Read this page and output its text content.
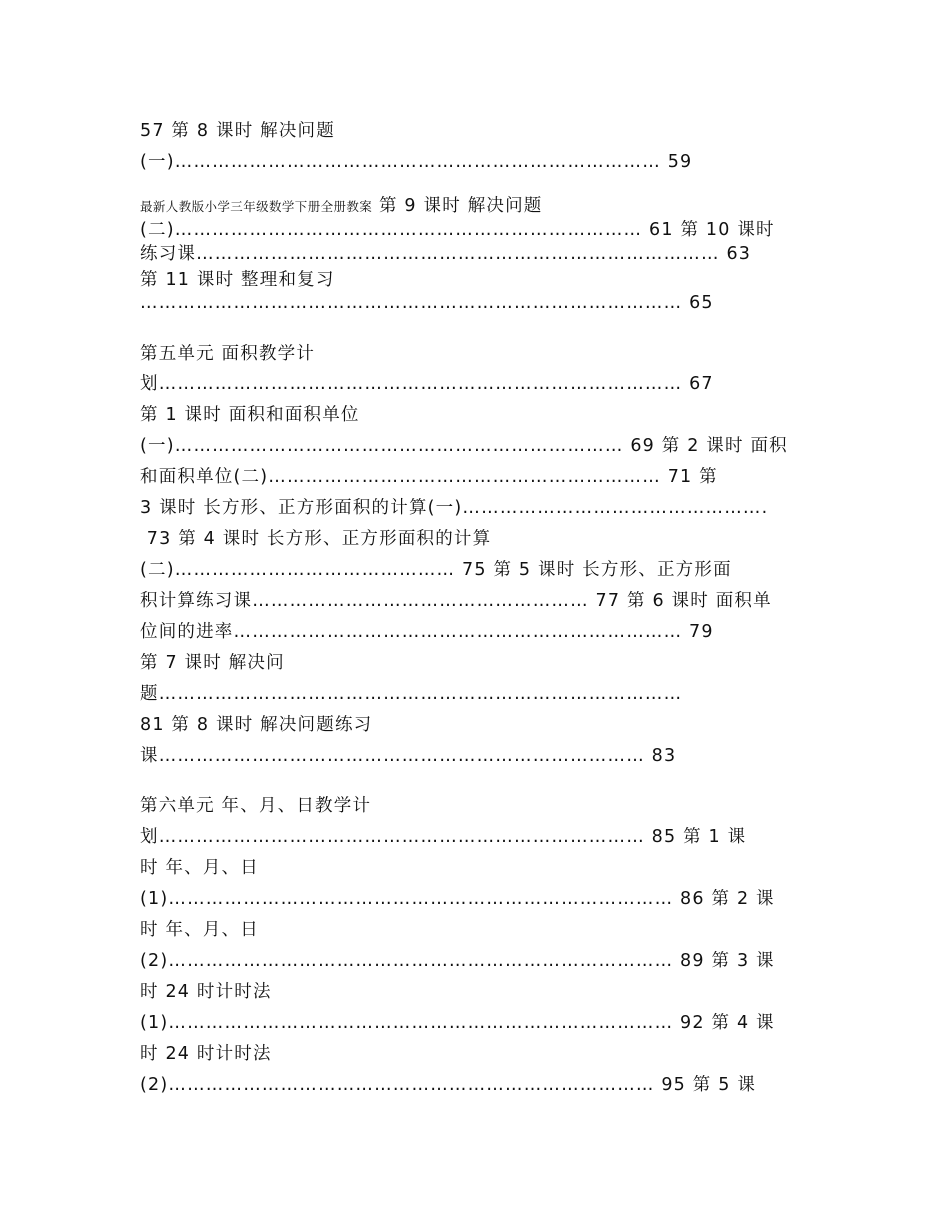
57 第 8 课时 解决问题

(一)…………………………………………………………………… 59

最新人教版小学三年级数学下册全册教案 第 9 课时 解决问题

(二)………………………………………………………………… 61 第 10 课时

练习课………………………………………………………………………… 63

第 11 课时 整理和复习

…………………………………………………………………………… 65

第五单元 面积教学计

划………………………………………………………………………… 67

第 1 课时 面积和面积单位

(一)……………………………………………………………… 69 第 2 课时 面积

和面积单位(二)……………………………………………………… 71 第

3 课时 长方形、正方形面积的计算(一)………………………………………….

73 第 4 课时 长方形、正方形面积的计算

(二)……………………………………… 75 第 5 课时 长方形、正方形面

积计算练习课……………………………………………… 77 第 6 课时 面积单

位间的进率……………………………………………………………… 79

第 7 课时 解决问

题…………………………………………………………………………

81 第 8 课时 解决问题练习

课…………………………………………………………………… 83

第六单元 年、月、日教学计

划…………………………………………………………………… 85 第 1 课

时 年、月、日

(1)……………………………………………………………………… 86 第 2 课

时 年、月、日

(2)……………………………………………………………………… 89 第 3 课

时 24 时计时法

(1)……………………………………………………………………… 92 第 4 课

时 24 时计时法

(2)…………………………………………………………………… 95 第 5 课
